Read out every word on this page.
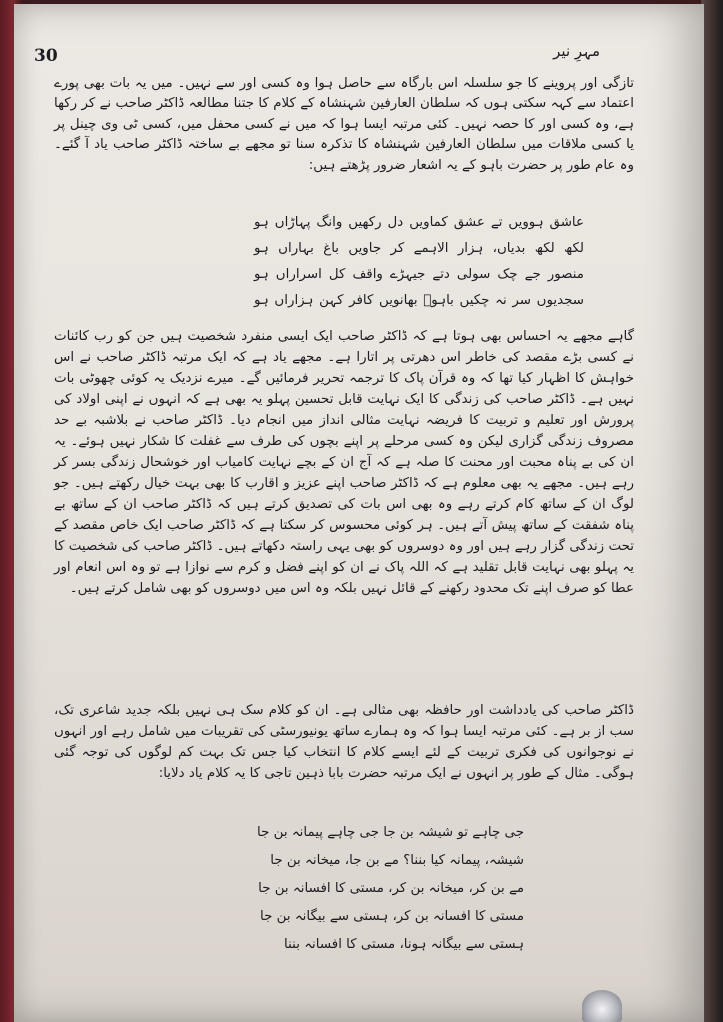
30	مہرِ نیر

تازگی اور پروینے کا جو سلسلہ اس بارگاہ سے حاصل ہوا وہ کسی اور سے نہیں۔ میں یہ بات بھی پورے اعتماد سے کہہ سکتی ہوں کہ سلطان العارفین شہنشاہ کے کلام کا جتنا مطالعہ ڈاکٹر صاحب نے کر رکھا ہے، وہ کسی اور کا حصہ نہیں۔ کئی مرتبہ ایسا ہوا کہ میں نے کسی محفل میں، کسی ٹی وی چینل پر یا کسی ملاقات میں سلطان العارفین شہنشاہ کا تذکرہ سنا تو مجھے بے ساختہ ڈاکٹر صاحب یاد آ گئے۔ وہ عام طور پر حضرت باہو کے یہ اشعار ضرور پڑھتے ہیں:

عاشق ہوویں تے عشق کماویں دل رکھیں وانگ پہاڑاں ہو
لکھ لکھ بدیاں، ہزار الاہمے کر جاویں باغ بہاراں ہو
منصور جے چک سولی دتے جیہڑے واقف کل اسراراں ہو
سجدیوں سر نہ چکیں باہوؒ بھانویں کافر کہن ہزاراں ہو
گاہے مجھے یہ احساس بھی ہوتا ہے کہ ڈاکٹر صاحب ایک ایسی منفرد شخصیت ہیں جن کو رب کائنات نے کسی بڑے مقصد کی خاطر اس دھرتی پر اتارا ہے۔ مجھے یاد ہے کہ ایک مرتبہ ڈاکٹر صاحب نے اس خواہش کا اظہار کیا تھا کہ وہ قرآن پاک کا ترجمہ تحریر فرمائیں گے۔ میرے نزدیک یہ کوئی چھوٹی بات نہیں ہے۔ ڈاکٹر صاحب کی زندگی کا ایک نہایت قابل تحسین پہلو یہ بھی ہے کہ انہوں نے اپنی اولاد کی پرورش اور تعلیم و تربیت کا فریضہ نہایت مثالی انداز میں انجام دیا۔ ڈاکٹر صاحب نے بلاشبہ بے حد مصروف زندگی گزاری لیکن وہ کسی مرحلے پر اپنے بچوں کی طرف سے غفلت کا شکار نہیں ہوئے۔ یہ ان کی بے پناہ محبت اور محنت کا صلہ ہے کہ آج ان کے بچے نہایت کامیاب اور خوشحال زندگی بسر کر رہے ہیں۔ مجھے یہ بھی معلوم ہے کہ ڈاکٹر صاحب اپنے عزیز و اقارب کا بھی بہت خیال رکھتے ہیں۔ جو لوگ ان کے ساتھ کام کرتے رہے وہ بھی اس بات کی تصدیق کرتے ہیں کہ ڈاکٹر صاحب ان کے ساتھ بے پناہ شفقت کے ساتھ پیش آتے ہیں۔ ہر کوئی محسوس کر سکتا ہے کہ ڈاکٹر صاحب ایک خاص مقصد کے تحت زندگی گزار رہے ہیں اور وہ دوسروں کو بھی یہی راستہ دکھاتے ہیں۔ ڈاکٹر صاحب کی شخصیت کا یہ پہلو بھی نہایت قابل تقلید ہے کہ اللہ پاک نے ان کو اپنے فضل و کرم سے نوازا ہے تو وہ اس انعام اور عطا کو صرف اپنے تک محدود رکھنے کے قائل نہیں بلکہ وہ اس میں دوسروں کو بھی شامل کرتے ہیں۔
ڈاکٹر صاحب کی یادداشت اور حافظہ بھی مثالی ہے۔ ان کو کلام سک ہی نہیں بلکہ جدید شاعری تک، سب از بر ہے۔ کئی مرتبہ ایسا ہوا کہ وہ ہمارے ساتھ یونیورسٹی کی تقریبات میں شامل رہے اور انہوں نے نوجوانوں کی فکری تربیت کے لئے ایسے کلام کا انتخاب کیا جس تک بہت کم لوگوں کی توجہ گئی ہوگی۔ مثال کے طور پر انہوں نے ایک مرتبہ حضرت بابا ذہین تاجی کا یہ کلام یاد دلایا:
جی چاہے تو شیشہ بن جا جی چاہے پیمانہ بن جا
شیشہ، پیمانہ کیا بننا؟ مے بن جا، میخانہ بن جا
مے بن کر، میخانہ بن کر، مستی کا افسانہ بن جا
مستی کا افسانہ بن کر، ہستی سے بیگانہ بن جا
ہستی سے بیگانہ ہونا، مستی کا افسانہ بننا
